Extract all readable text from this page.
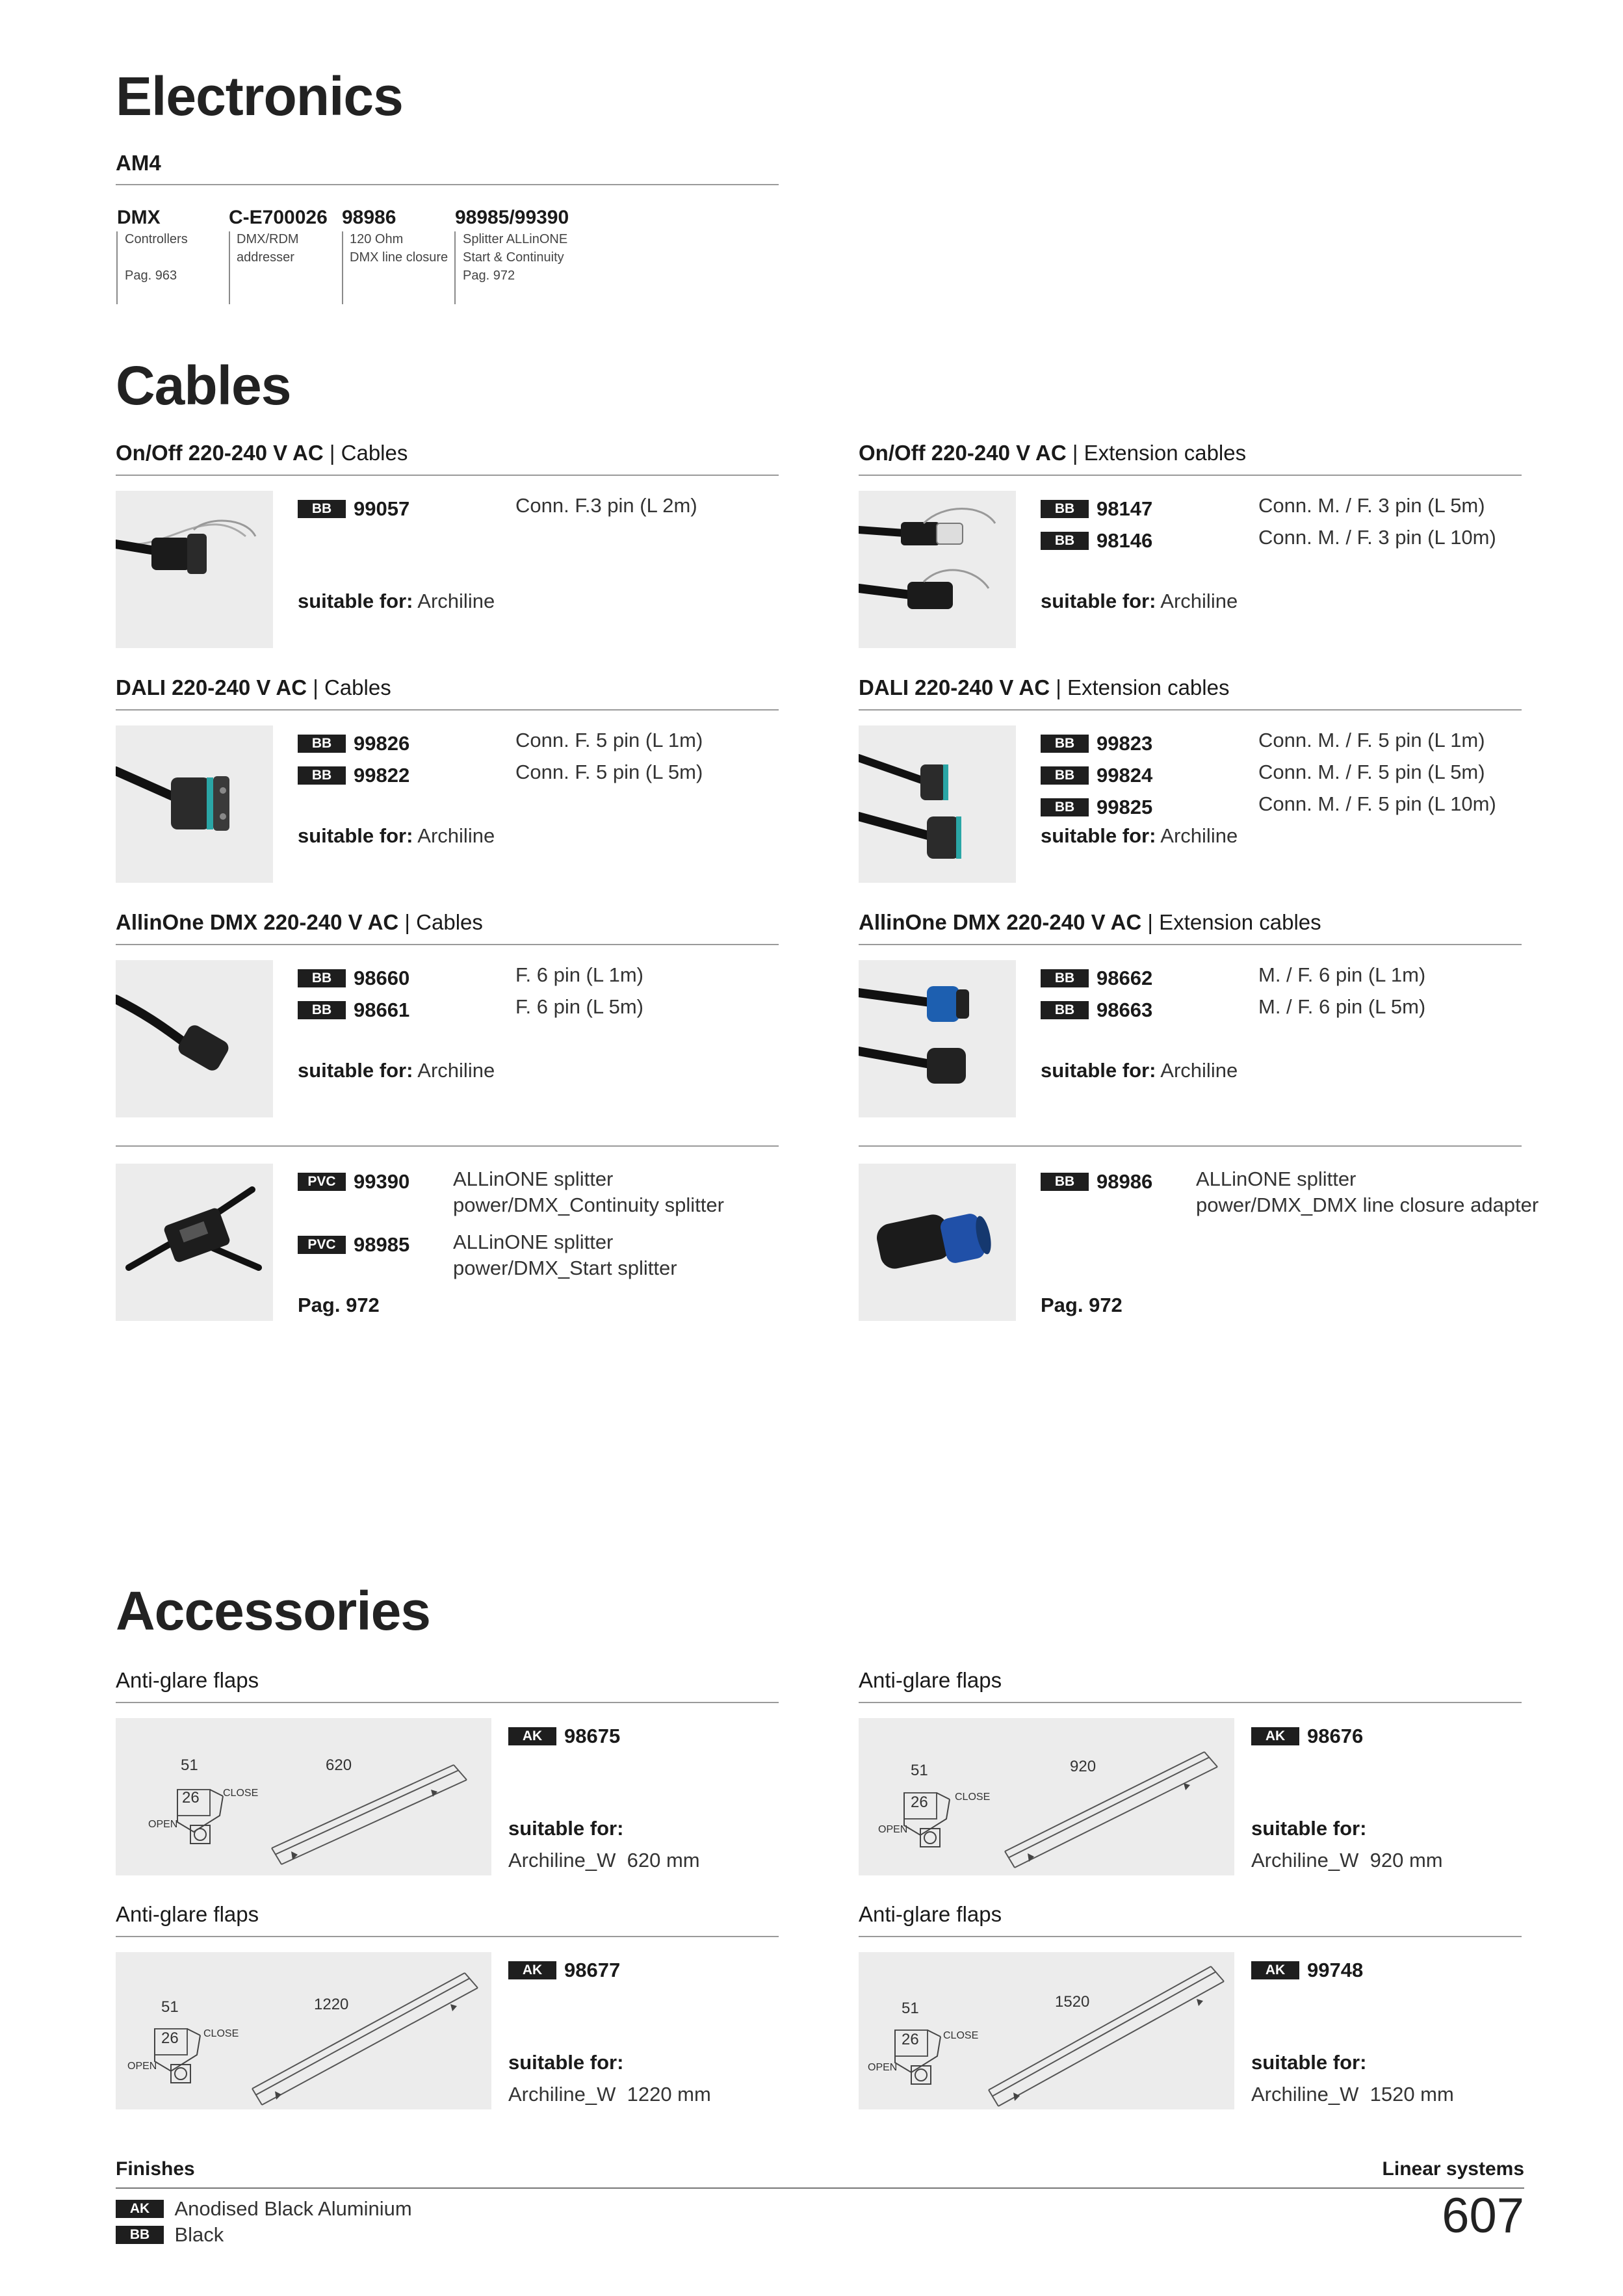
Electronics
AM4
DMX
Controllers
Pag. 963
C-E700026
DMX/RDM
addresser
98986
120 Ohm
DMX line closure
98985/99390
Splitter ALLinONE
Start & Continuity
Pag. 972
Cables
On/Off 220-240 V AC | Cables
BB 99057	Conn. F.3 pin (L 2m)
suitable for: Archiline
On/Off 220-240 V AC | Extension cables
BB 98147	Conn. M. / F. 3 pin (L 5m)
BB 98146	Conn. M. / F. 3 pin (L 10m)
suitable for: Archiline
DALI 220-240 V AC | Cables
BB 99826	Conn. F. 5 pin (L 1m)
BB 99822	Conn. F. 5 pin (L 5m)
suitable for: Archiline
DALI 220-240 V AC | Extension cables
BB 99823	Conn. M. / F. 5 pin (L 1m)
BB 99824	Conn. M. / F. 5 pin (L 5m)
BB 99825	Conn. M. / F. 5 pin (L 10m)
suitable for: Archiline
AllinOne DMX 220-240 V AC | Cables
BB 98660	F. 6 pin (L 1m)
BB 98661	F. 6 pin (L 5m)
suitable for: Archiline
AllinOne DMX 220-240 V AC | Extension cables
BB 98662	M. / F. 6 pin (L 1m)
BB 98663	M. / F. 6 pin (L 5m)
suitable for: Archiline
PVC 99390 ALLinONE splitter
power/DMX_Continuity splitter
PVC 98985 ALLinONE splitter
power/DMX_Start splitter
Pag. 972
BB 98986 ALLinONE splitter
power/DMX_DMX line closure adapter
Pag. 972
Accessories
Anti-glare flaps
51
26 CLOSE
OPEN
620
AK 98675
suitable for:
Archiline_W  620 mm
Anti-glare flaps
51
26	CLOSE
OPEN
920
AK 98676
suitable for:
Archiline_W  920 mm
Anti-glare flaps
51
26 CLOSE
OPEN
1220
AK 98677
suitable for:
Archiline_W  1220 mm
Anti-glare flaps
51
26 CLOSE
OPEN
1520
AK 99748
suitable for:
Archiline_W  1520 mm
Finishes	Linear systems
AK Anodised Black Aluminium
BB Black	607
